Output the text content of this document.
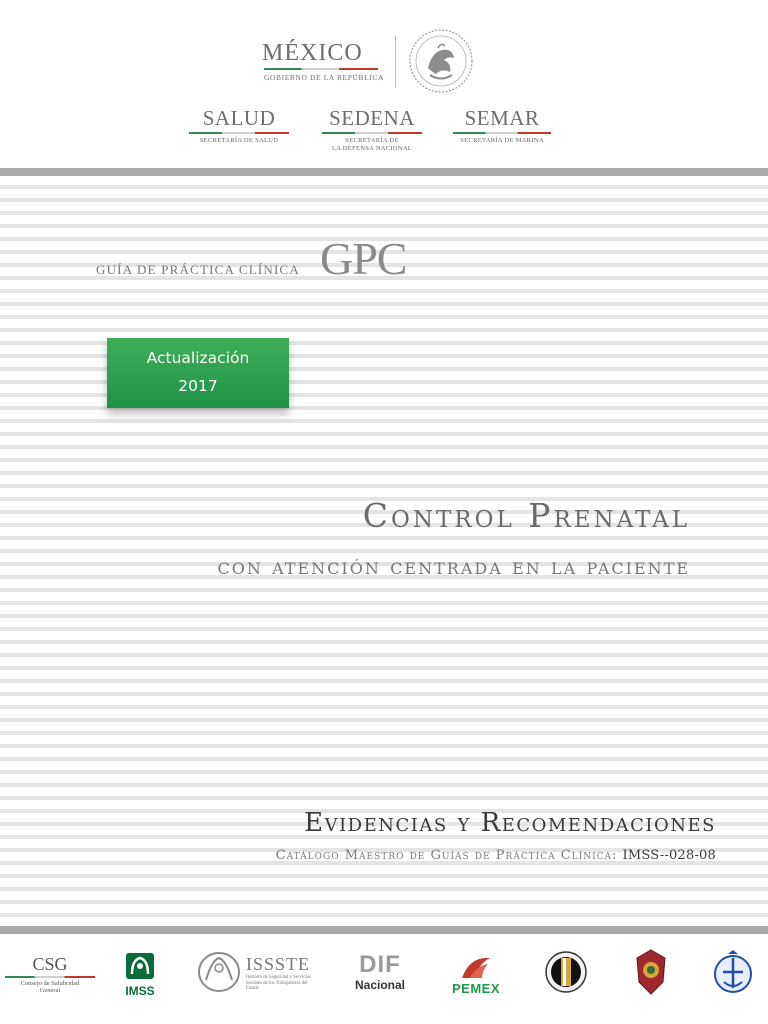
MÉXICO
GOBIERNO DE LA REPÚBLICA
SALUD
SECRETARÍA DE SALUD
SEDENA
SECRETARÍA DE
LA DEFENSA NACIONAL
SEMAR
SECRETARÍA DE MARINA
GUÍA DE PRÁCTICA CLÍNICA GPC
Actualización
2017
Control Prenatal
con atención centrada en la paciente
Evidencias y Recomendaciones
Catálogo Maestro de Guías de Práctica Clínica: IMSS--028-08
CSG
Consejo de Salubridad
General	IMSS
ISSSTE
Instituto de Seguridad y Servicios Sociales de los Trabajadores del Estado
DIF
Nacional	PEMEX
